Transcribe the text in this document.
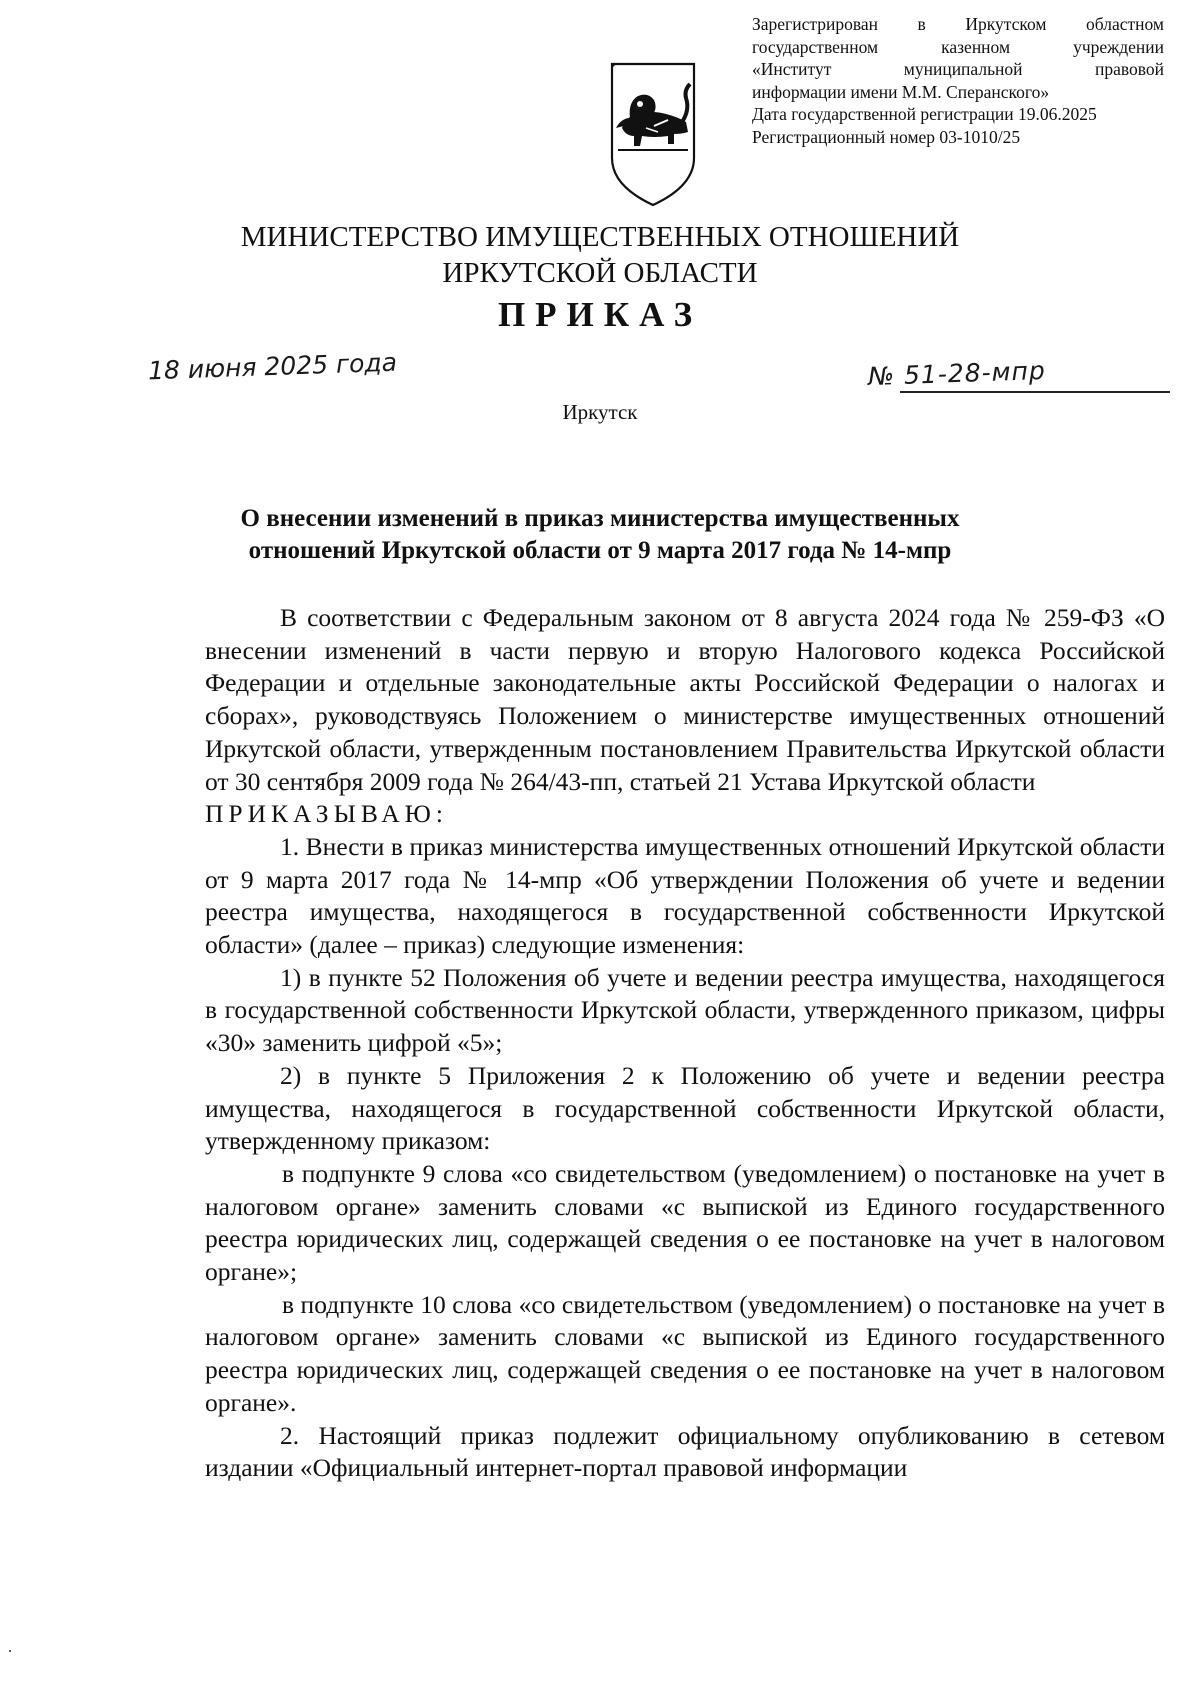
Зарегистрирован в Иркутском областном
государственном казенном учреждении
«Институт муниципальной правовой
информации имени М.М. Сперанского»
Дата государственной регистрации 19.06.2025
Регистрационный номер 03-1010/25
МИНИСТЕРСТВО ИМУЩЕСТВЕННЫХ ОТНОШЕНИЙ
ИРКУТСКОЙ ОБЛАСТИ
ПРИКАЗ
18 июня 2025 года	№ 51-28-мпр
Иркутск
О внесении изменений в приказ министерства имущественных
отношений Иркутской области от 9 марта 2017 года № 14-мпр

В соответствии с Федеральным законом от 8 августа 2024 года № 259-ФЗ «О внесении изменений в части первую и вторую Налогового кодекса Российской Федерации и отдельные законодательные акты Российской Федерации о налогах и сборах», руководствуясь Положением о министерстве имущественных отношений Иркутской области, утвержденным постановлением Правительства Иркутской области от 30 сентября 2009 года № 264/43-пп, статьей 21 Устава Иркутской области

ПРИКАЗЫВАЮ:

1. Внести в приказ министерства имущественных отношений Иркутской области от 9 марта 2017 года № 14-мпр «Об утверждении Положения об учете и ведении реестра имущества, находящегося в государственной собственности Иркутской области» (далее – приказ) следующие изменения:

1) в пункте 52 Положения об учете и ведении реестра имущества, находящегося в государственной собственности Иркутской области, утвержденного приказом, цифры «30» заменить цифрой «5»;

2) в пункте 5 Приложения 2 к Положению об учете и ведении реестра имущества, находящегося в государственной собственности Иркутской области, утвержденному приказом:

в подпункте 9 слова «со свидетельством (уведомлением) о постановке на учет в налоговом органе» заменить словами «с выпиской из Единого государственного реестра юридических лиц, содержащей сведения о ее постановке на учет в налоговом органе»;

в подпункте 10 слова «со свидетельством (уведомлением) о постановке на учет в налоговом органе» заменить словами «с выпиской из Единого государственного реестра юридических лиц, содержащей сведения о ее постановке на учет в налоговом органе».

2. Настоящий приказ подлежит официальному опубликованию в сетевом издании «Официальный интернет-портал правовой информации
